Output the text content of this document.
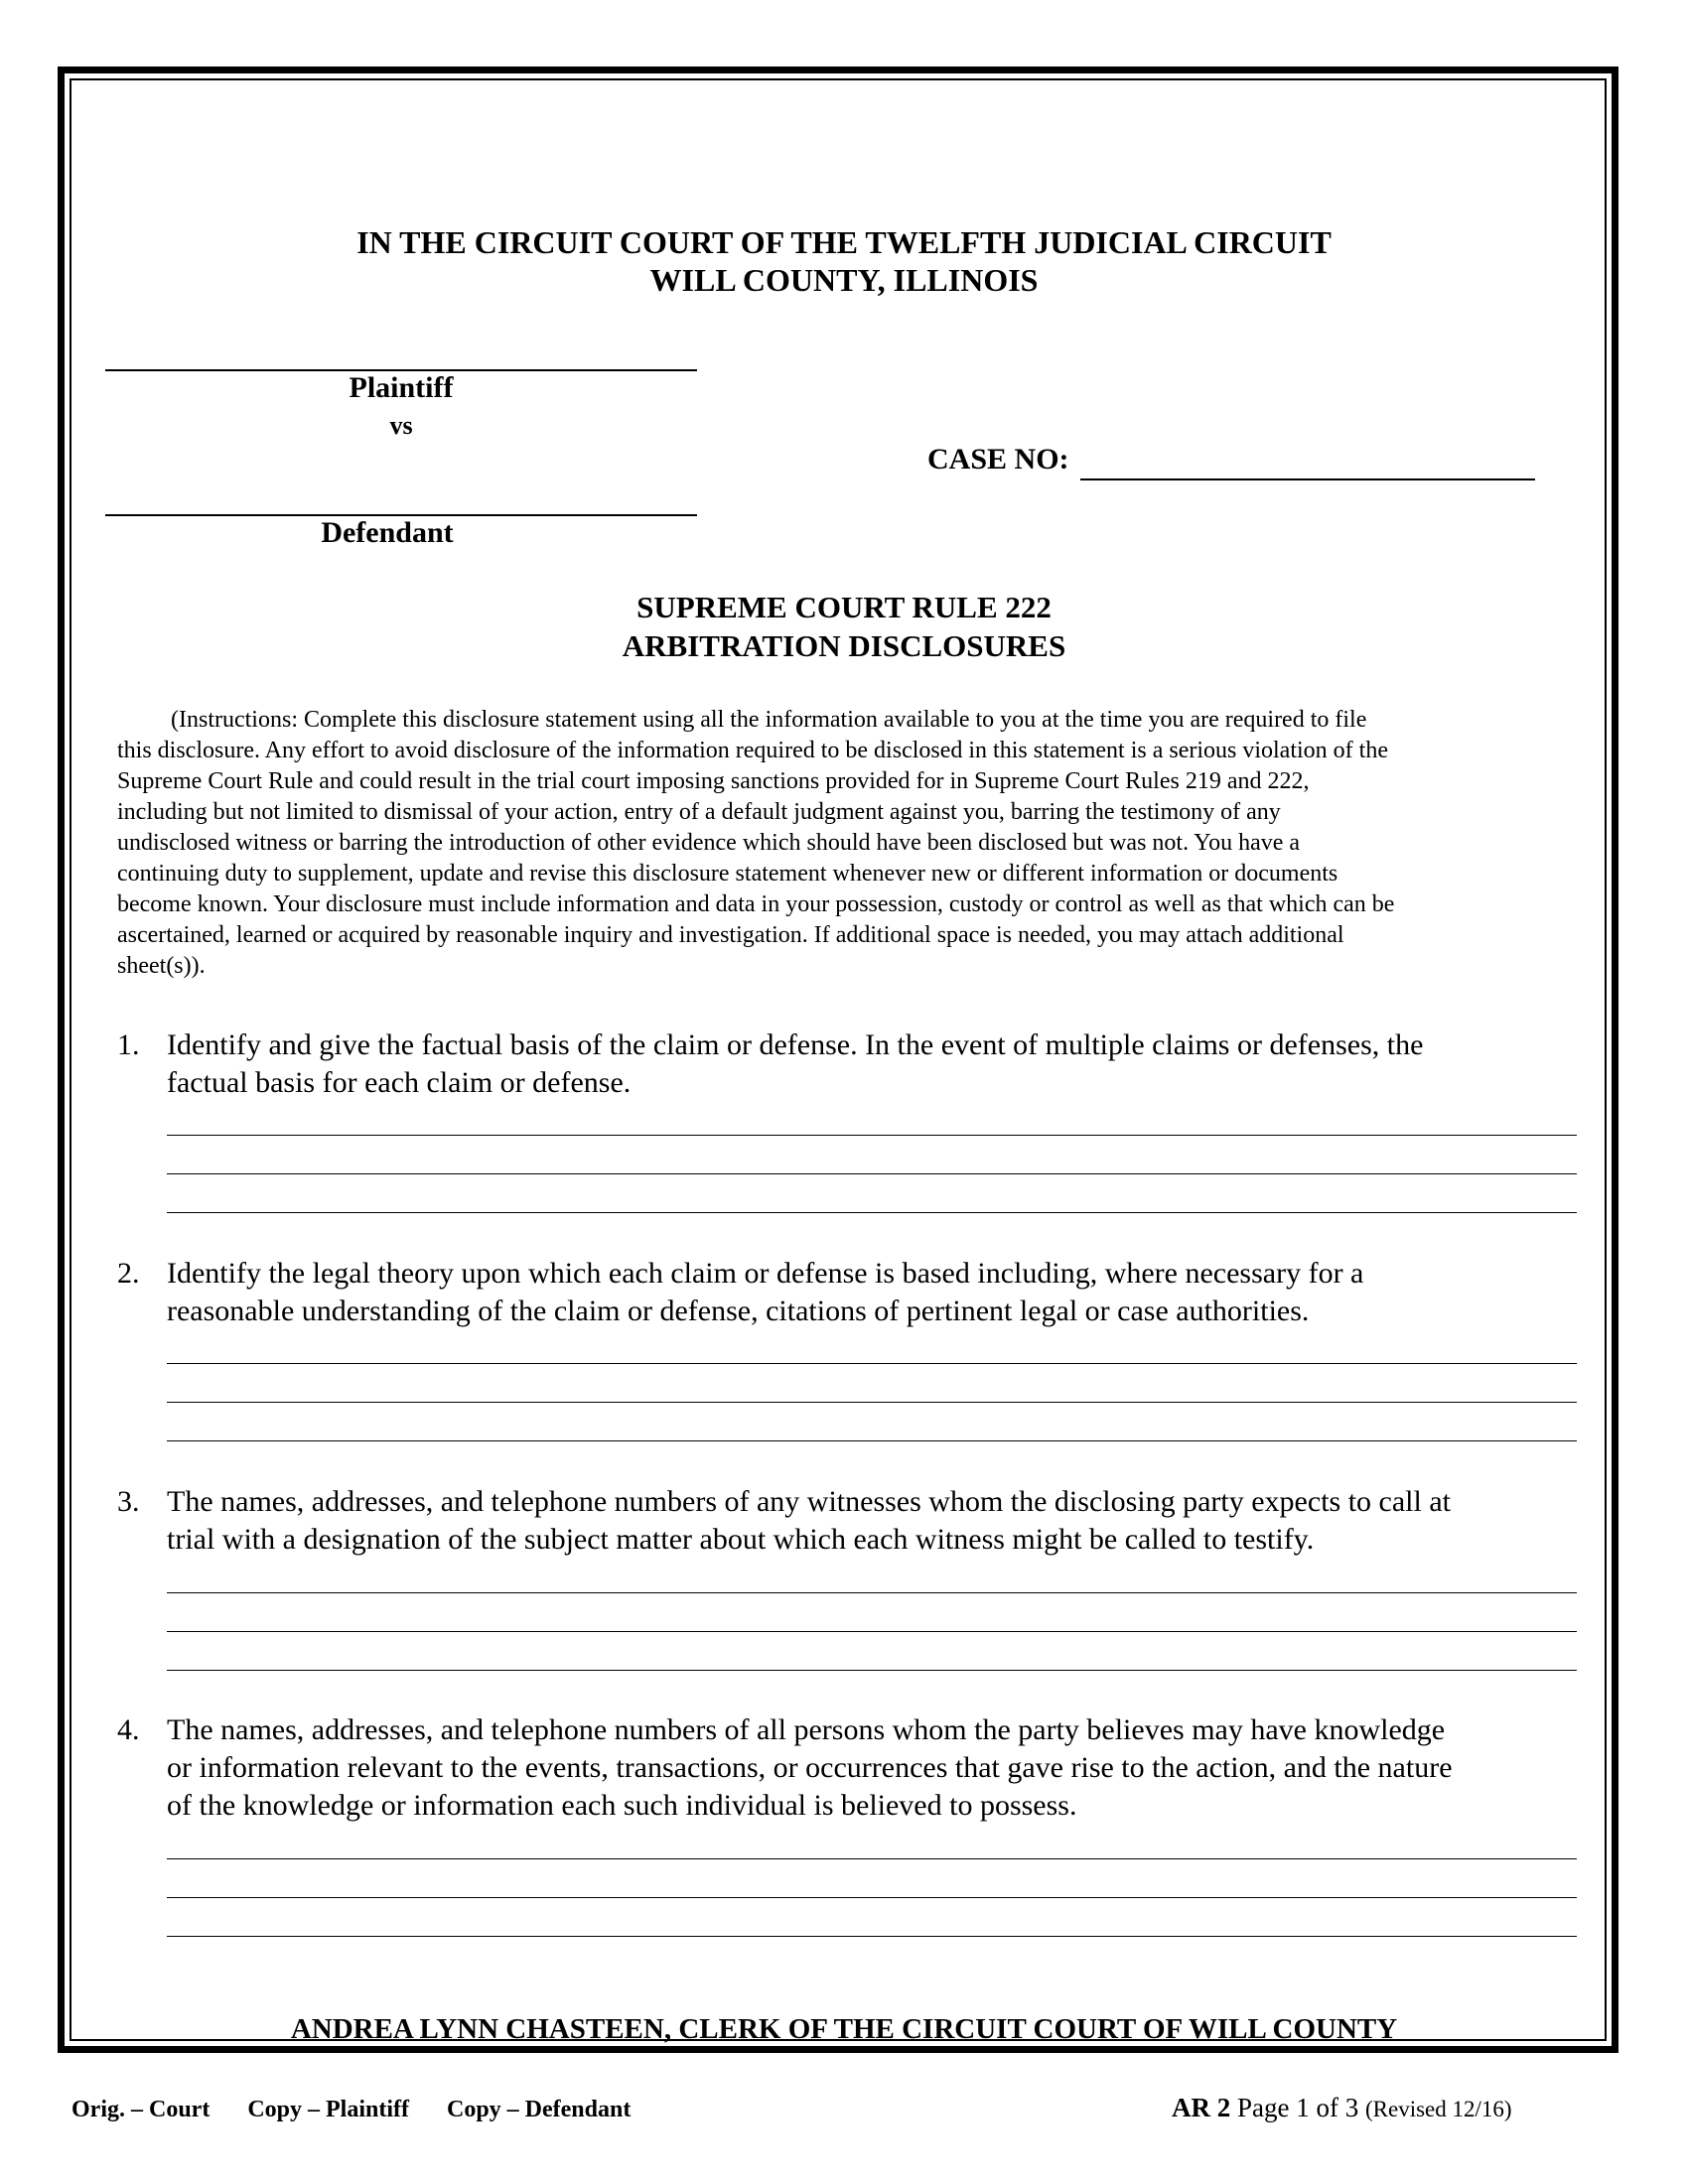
IN THE CIRCUIT COURT OF THE TWELFTH JUDICIAL CIRCUIT
WILL COUNTY, ILLINOIS
Plaintiff
vs
CASE NO:
Defendant
SUPREME COURT RULE 222
ARBITRATION DISCLOSURES
(Instructions: Complete this disclosure statement using all the information available to you at the time you are required to file
this disclosure. Any effort to avoid disclosure of the information required to be disclosed in this statement is a serious violation of the
Supreme Court Rule and could result in the trial court imposing sanctions provided for in Supreme Court Rules 219 and 222,
including but not limited to dismissal of your action, entry of a default judgment against you, barring the testimony of any
undisclosed witness or barring the introduction of other evidence which should have been disclosed but was not. You have a
continuing duty to supplement, update and revise this disclosure statement whenever new or different information or documents
become known. Your disclosure must include information and data in your possession, custody or control as well as that which can be
ascertained, learned or acquired by reasonable inquiry and investigation. If additional space is needed, you may attach additional
sheet(s)).
1. Identify and give the factual basis of the claim or defense. In the event of multiple claims or defenses, the
factual basis for each claim or defense.
2. Identify the legal theory upon which each claim or defense is based including, where necessary for a
reasonable understanding of the claim or defense, citations of pertinent legal or case authorities.
3. The names, addresses, and telephone numbers of any witnesses whom the disclosing party expects to call at
trial with a designation of the subject matter about which each witness might be called to testify.
4. The names, addresses, and telephone numbers of all persons whom the party believes may have knowledge
or information relevant to the events, transactions, or occurrences that gave rise to the action, and the nature
of the knowledge or information each such individual is believed to possess.
ANDREA LYNN CHASTEEN, CLERK OF THE CIRCUIT COURT OF WILL COUNTY
Orig. – Court Copy – Plaintiff Copy – Defendant	AR 2 Page 1 of 3 (Revised 12/16)
